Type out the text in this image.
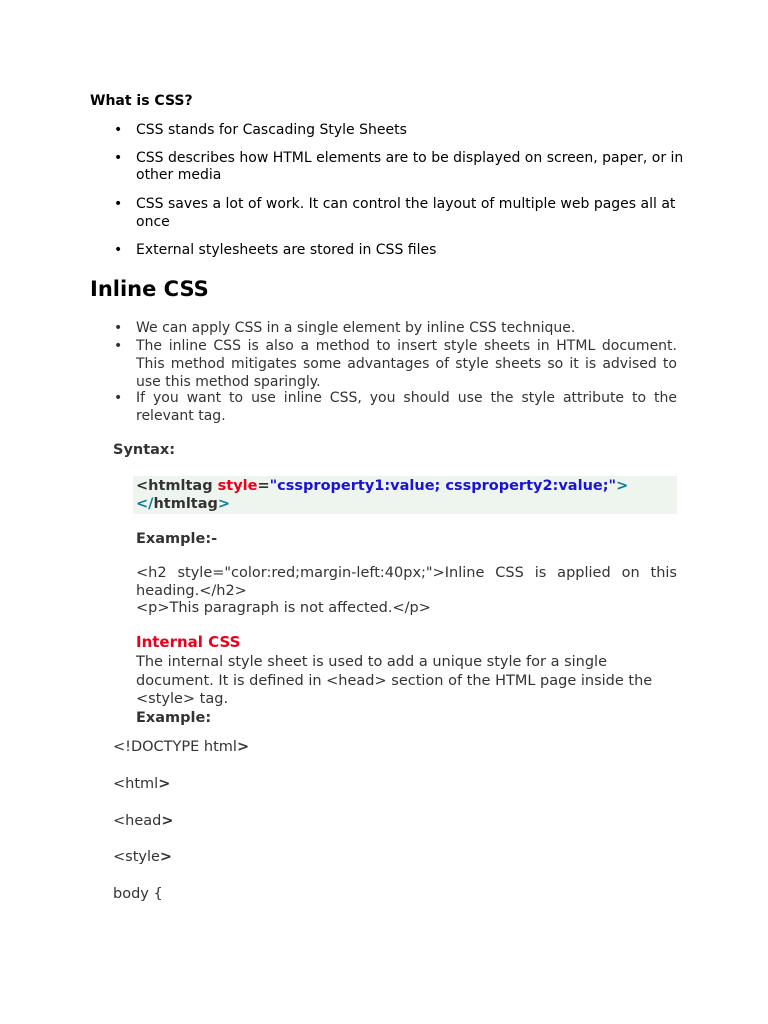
What is CSS?
• CSS stands for Cascading Style Sheets
• CSS describes how HTML elements are to be displayed on screen, paper, or in
other media
• CSS saves a lot of work. It can control the layout of multiple web pages all at
once
• External stylesheets are stored in CSS files
Inline CSS
• We can apply CSS in a single element by inline CSS technique.
• The inline CSS is also a method to insert style sheets in HTML document. This method mitigates some advantages of style sheets so it is advised to use this method sparingly.
• If you want to use inline CSS, you should use the style attribute to the relevant tag.
Syntax:
<htmltag style="cssproperty1:value; cssproperty2:value;"> </htmltag>
Example:-
<h2 style="color:red;margin-left:40px;">Inline CSS is applied on this heading.</h2>
<p>This paragraph is not affected.</p>
Internal CSS
The internal style sheet is used to add a unique style for a single
document. It is defined in <head> section of the HTML page inside the
<style> tag.
Example:
<!DOCTYPE html>
<html>
<head>
<style>
body {
